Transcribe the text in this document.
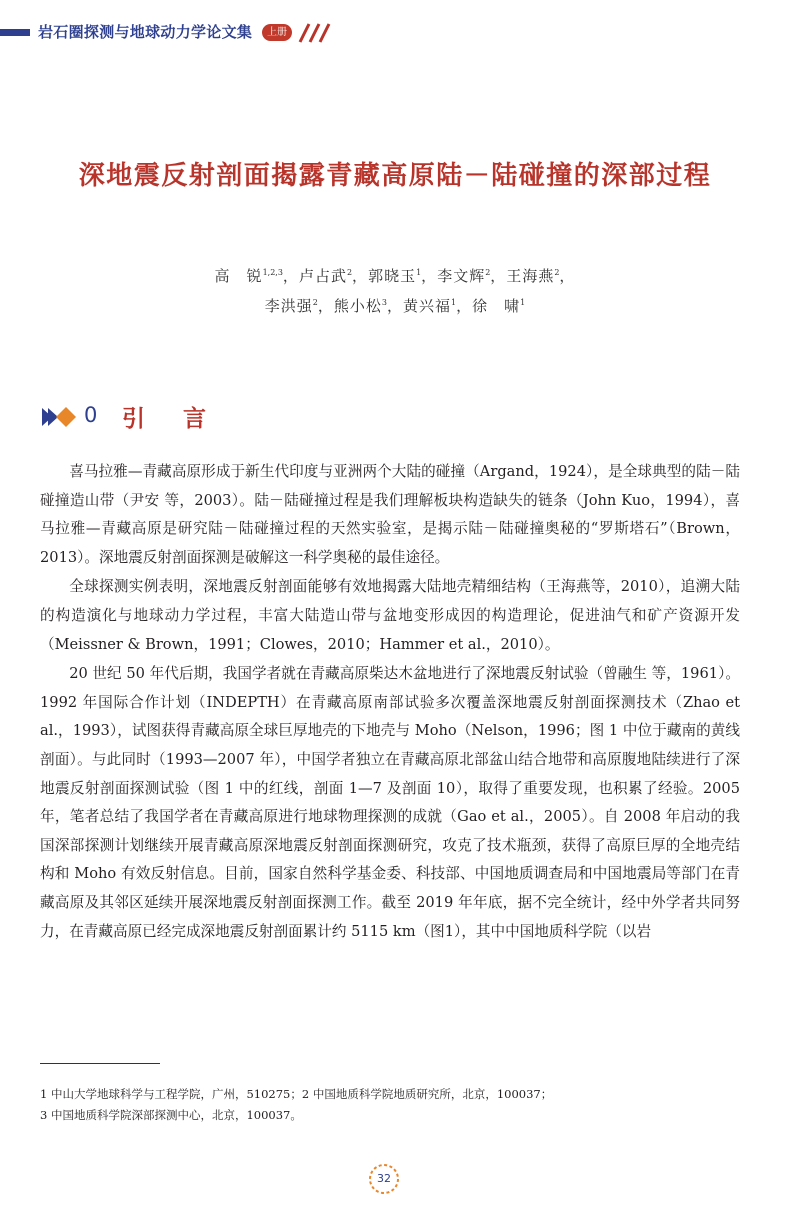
岩石圈探测与地球动力学论文集	上册
深地震反射剖面揭露青藏高原陆－陆碰撞的深部过程
高　锐$^{1,2,3}$，卢占武$^2$，郭晓玉$^1$，李文辉$^2$，王海燕$^2$，
李洪强$^2$，熊小松$^3$，黄兴福$^1$，徐　啸$^1$
0 引言

喜马拉雅—青藏高原形成于新生代印度与亚洲两个大陆的碰撞（Argand，1924），是全球典型的陆－陆碰撞造山带（尹安 等，2003）。陆－陆碰撞过程是我们理解板块构造缺失的链条（John Kuo，1994），喜马拉雅—青藏高原是研究陆－陆碰撞过程的天然实验室，是揭示陆－陆碰撞奥秘的“罗斯塔石”（Brown，2013）。深地震反射剖面探测是破解这一科学奥秘的最佳途径。

全球探测实例表明，深地震反射剖面能够有效地揭露大陆地壳精细结构（王海燕等，2010），追溯大陆的构造演化与地球动力学过程，丰富大陆造山带与盆地变形成因的构造理论，促进油气和矿产资源开发（Meissner & Brown，1991；Clowes，2010；Hammer et al.，2010）。

20 世纪 50 年代后期，我国学者就在青藏高原柴达木盆地进行了深地震反射试验（曾融生 等，1961）。1992 年国际合作计划（INDEPTH）在青藏高原南部试验多次覆盖深地震反射剖面探测技术（Zhao et al.，1993），试图获得青藏高原全球巨厚地壳的下地壳与 Moho（Nelson，1996；图 1 中位于藏南的黄线剖面）。与此同时（1993—2007 年），中国学者独立在青藏高原北部盆山结合地带和高原腹地陆续进行了深地震反射剖面探测试验（图 1 中的红线，剖面 1—7 及剖面 10），取得了重要发现，也积累了经验。2005 年，笔者总结了我国学者在青藏高原进行地球物理探测的成就（Gao et al.，2005）。自 2008 年启动的我国深部探测计划继续开展青藏高原深地震反射剖面探测研究，攻克了技术瓶颈，获得了高原巨厚的全地壳结构和 Moho 有效反射信息。目前，国家自然科学基金委、科技部、中国地质调查局和中国地震局等部门在青藏高原及其邻区延续开展深地震反射剖面探测工作。截至 2019 年年底，据不完全统计，经中外学者共同努力，在青藏高原已经完成深地震反射剖面累计约 5115 km（图1），其中中国地质科学院（以岩

1 中山大学地球科学与工程学院，广州，510275；2 中国地质科学院地质研究所，北京，100037；
3 中国地质科学院深部探测中心，北京，100037。
32
